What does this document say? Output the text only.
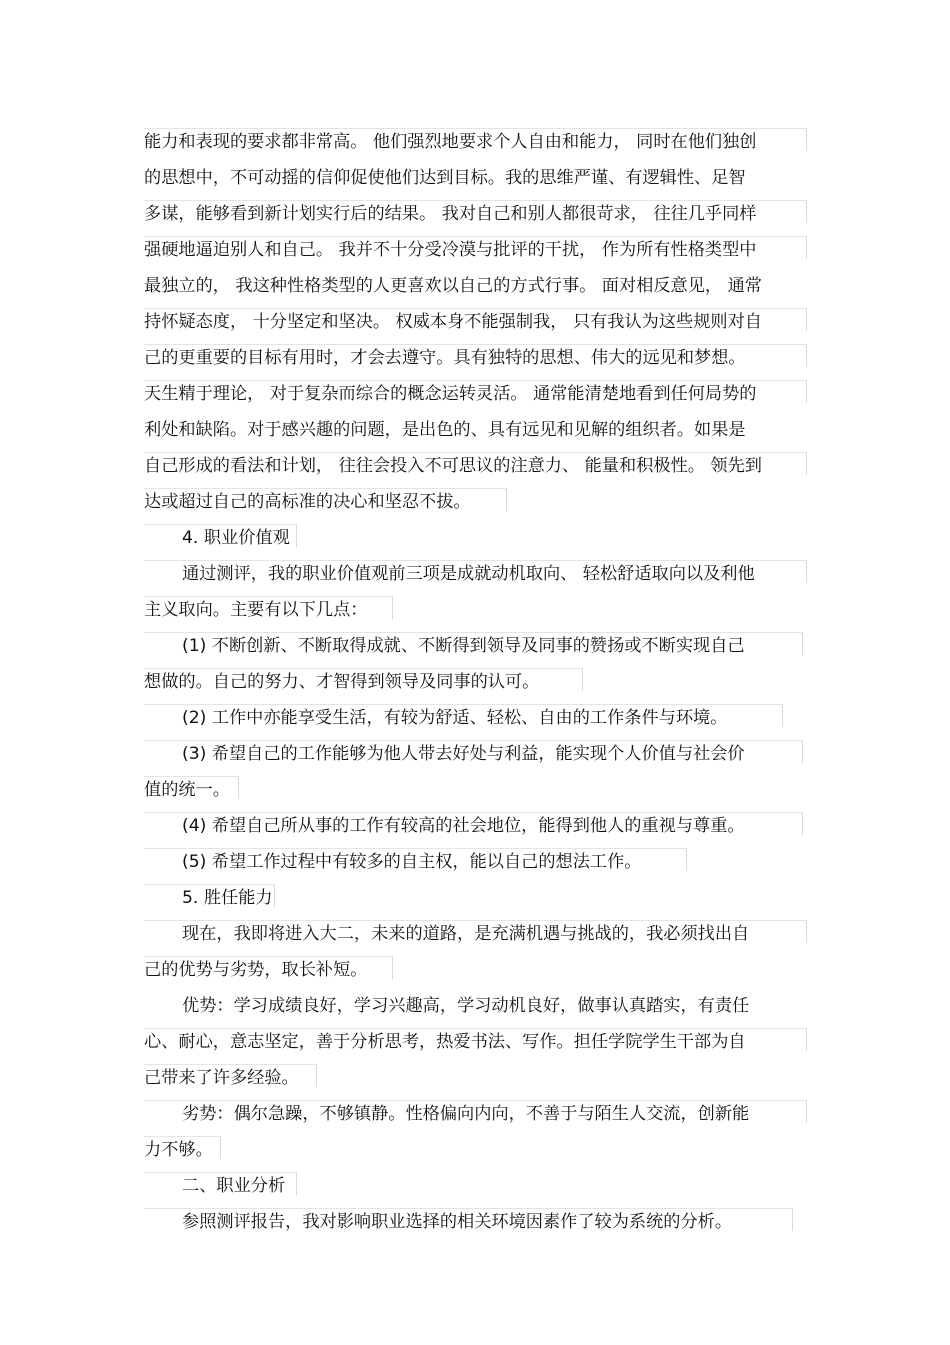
能力和表现的要求都非常高。 他们强烈地要求个人自由和能力， 同时在他们独创
的思想中，不可动摇的信仰促使他们达到目标。我的思维严谨、有逻辑性、足智
多谋，能够看到新计划实行后的结果。 我对自己和别人都很苛求， 往往几乎同样
强硬地逼迫别人和自己。 我并不十分受冷漠与批评的干扰， 作为所有性格类型中
最独立的， 我这种性格类型的人更喜欢以自己的方式行事。 面对相反意见， 通常
持怀疑态度， 十分坚定和坚决。 权威本身不能强制我， 只有我认为这些规则对自
己的更重要的目标有用时，才会去遵守。具有独特的思想、伟大的远见和梦想。
天生精于理论， 对于复杂而综合的概念运转灵活。 通常能清楚地看到任何局势的
利处和缺陷。对于感兴趣的问题，是出色的、具有远见和见解的组织者。如果是
自己形成的看法和计划， 往往会投入不可思议的注意力、 能量和积极性。 领先到
达或超过自己的高标准的决心和坚忍不拔。
4. 职业价值观
通过测评，我的职业价值观前三项是成就动机取向、 轻松舒适取向以及利他
主义取向。主要有以下几点：
(1) 不断创新、不断取得成就、不断得到领导及同事的赞扬或不断实现自己
想做的。自己的努力、才智得到领导及同事的认可。
(2) 工作中亦能享受生活，有较为舒适、轻松、自由的工作条件与环境。
(3) 希望自己的工作能够为他人带去好处与利益，能实现个人价值与社会价
值的统一。
(4) 希望自己所从事的工作有较高的社会地位，能得到他人的重视与尊重。
(5) 希望工作过程中有较多的自主权，能以自己的想法工作。
5. 胜任能力
现在，我即将进入大二，未来的道路，是充满机遇与挑战的，我必须找出自
己的优势与劣势，取长补短。
优势：学习成绩良好，学习兴趣高，学习动机良好，做事认真踏实，有责任
心、耐心，意志坚定，善于分析思考，热爱书法、写作。担任学院学生干部为自
己带来了许多经验。
劣势：偶尔急躁，不够镇静。性格偏向内向，不善于与陌生人交流，创新能
力不够。
二、职业分析
参照测评报告，我对影响职业选择的相关环境因素作了较为系统的分析。
